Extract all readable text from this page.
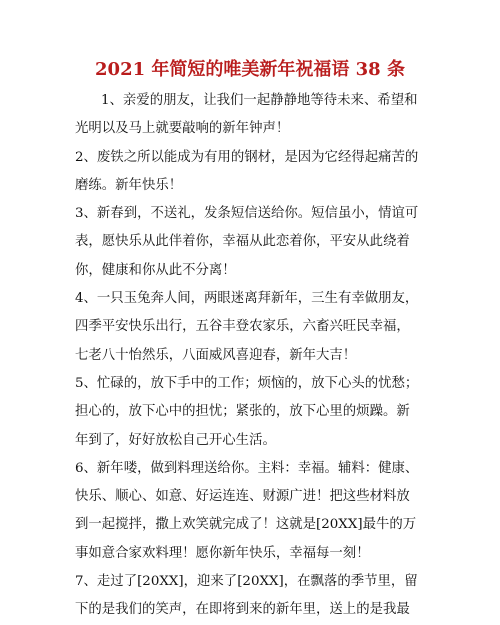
2021 年简短的唯美新年祝福语 38 条
1、亲爱的朋友，让我们一起静静地等待未来、希望和
光明以及马上就要敲响的新年钟声！
2、废铁之所以能成为有用的钢材，是因为它经得起痛苦的
磨练。新年快乐！
3、新春到，不送礼，发条短信送给你。短信虽小，情谊可
表，愿快乐从此伴着你，幸福从此恋着你，平安从此绕着
你，健康和你从此不分离！
4、一只玉兔奔人间，两眼迷离拜新年，三生有幸做朋友，
四季平安快乐出行，五谷丰登农家乐，六畜兴旺民幸福，
七老八十怡然乐，八面威风喜迎春，新年大吉！
5、忙碌的，放下手中的工作；烦恼的，放下心头的忧愁；
担心的，放下心中的担忧；紧张的，放下心里的烦躁。新
年到了，好好放松自己开心生活。
6、新年喽，做到料理送给你。主料：幸福。辅料：健康、
快乐、顺心、如意、好运连连、财源广进！把这些材料放
到一起搅拌，撒上欢笑就完成了！这就是[20XX]最牛的万
事如意合家欢料理！愿你新年快乐，幸福每一刻！
7、走过了[20XX]，迎来了[20XX]，在飘落的季节里，留
下的是我们的笑声，在即将到来的新年里，送上的是我最
